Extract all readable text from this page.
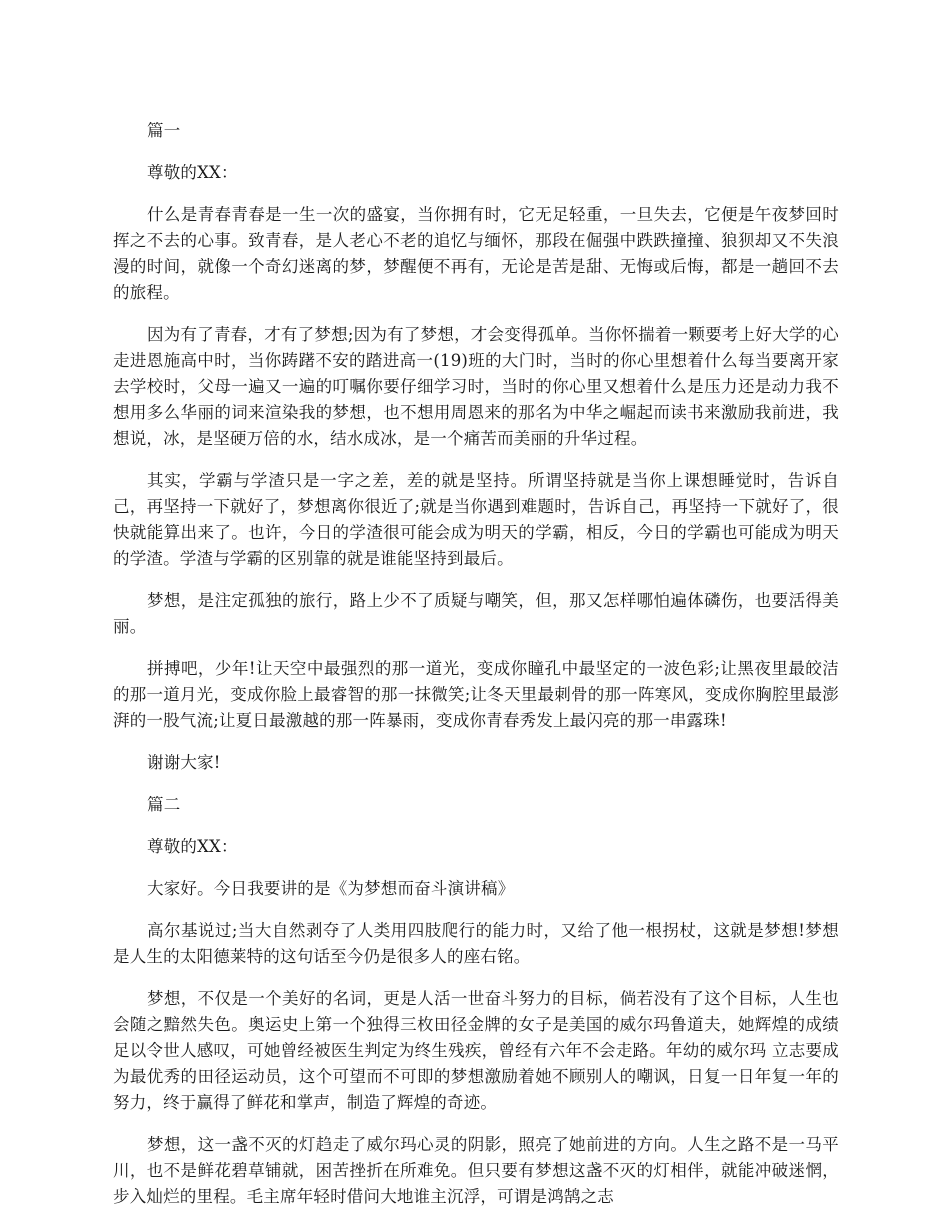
篇一

尊敬的XX：

什么是青春青春是一生一次的盛宴，当你拥有时，它无足轻重，一旦失去，它便是午夜梦回时挥之不去的心事。致青春，是人老心不老的追忆与缅怀，那段在倔强中跌跌撞撞、狼狈却又不失浪漫的时间，就像一个奇幻迷离的梦，梦醒便不再有，无论是苦是甜、无悔或后悔，都是一趟回不去的旅程。

因为有了青春，才有了梦想;因为有了梦想，才会变得孤单。当你怀揣着一颗要考上好大学的心走进恩施高中时，当你踌躇不安的踏进高一(19)班的大门时，当时的你心里想着什么每当要离开家去学校时，父母一遍又一遍的叮嘱你要仔细学习时，当时的你心里又想着什么是压力还是动力我不想用多么华丽的词来渲染我的梦想，也不想用周恩来的那名为中华之崛起而读书来激励我前进，我想说，冰，是坚硬万倍的水，结水成冰，是一个痛苦而美丽的升华过程。

其实，学霸与学渣只是一字之差，差的就是坚持。所谓坚持就是当你上课想睡觉时，告诉自己，再坚持一下就好了，梦想离你很近了;就是当你遇到难题时，告诉自己，再坚持一下就好了，很快就能算出来了。也许，今日的学渣很可能会成为明天的学霸，相反，今日的学霸也可能成为明天的学渣。学渣与学霸的区别靠的就是谁能坚持到最后。

梦想，是注定孤独的旅行，路上少不了质疑与嘲笑，但，那又怎样哪怕遍体磷伤，也要活得美丽。

拼搏吧，少年!让天空中最强烈的那一道光，变成你瞳孔中最坚定的一波色彩;让黑夜里最皎洁的那一道月光，变成你脸上最睿智的那一抹微笑;让冬天里最刺骨的那一阵寒风，变成你胸腔里最澎湃的一股气流;让夏日最激越的那一阵暴雨，变成你青春秀发上最闪亮的那一串露珠!

谢谢大家!

篇二

尊敬的XX：

大家好。今日我要讲的是《为梦想而奋斗演讲稿》

高尔基说过;当大自然剥夺了人类用四肢爬行的能力时，又给了他一根拐杖，这就是梦想!梦想是人生的太阳德莱特的这句话至今仍是很多人的座右铭。

梦想，不仅是一个美好的名词，更是人活一世奋斗努力的目标，倘若没有了这个目标，人生也会随之黯然失色。奥运史上第一个独得三枚田径金牌的女子是美国的威尔玛鲁道夫，她辉煌的成绩足以令世人感叹，可她曾经被医生判定为终生残疾，曾经有六年不会走路。年幼的威尔玛 立志要成为最优秀的田径运动员，这个可望而不可即的梦想激励着她不顾别人的嘲讽，日复一日年复一年的努力，终于赢得了鲜花和掌声，制造了辉煌的奇迹。

梦想，这一盏不灭的灯趋走了威尔玛心灵的阴影，照亮了她前进的方向。人生之路不是一马平川，也不是鲜花碧草铺就，困苦挫折在所难免。但只要有梦想这盏不灭的灯相伴，就能冲破迷惘，步入灿烂的里程。毛主席年轻时借问大地谁主沉浮，可谓是鸿鹄之志
